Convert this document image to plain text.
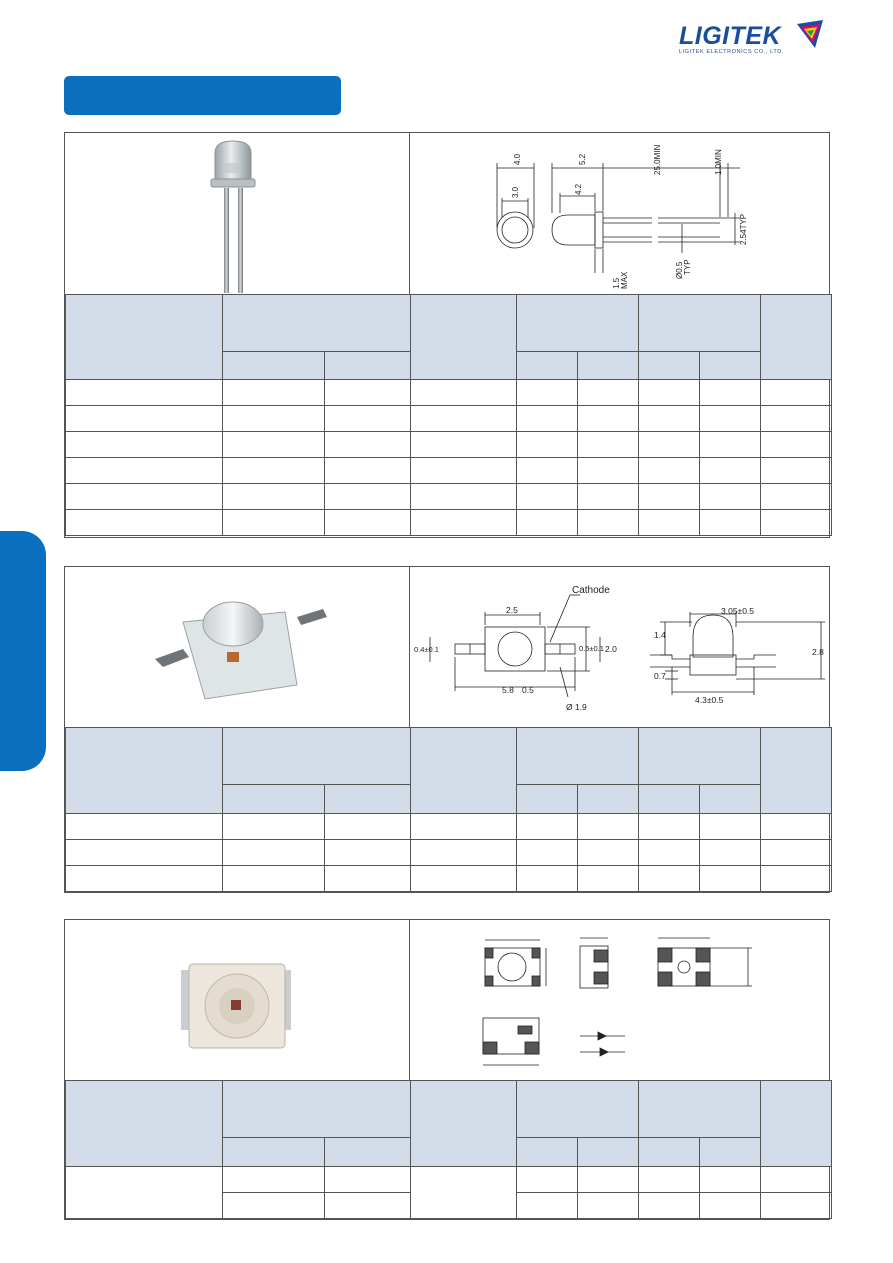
LIGITEK
LIGITEK ELECTRONICS CO., LTD.
4.0	5.2	25.0MIN	1.0MIN
3.0	4.2
2.54TYP
1.5 MAX
Ø0.5 TYP

Cathode
2.5
0.4±0.1	0.5±0.1 2.0
5.8 0.5
Ø 1.9
3.05±0.5
1.4
2.8
0.7
4.3±0.5
